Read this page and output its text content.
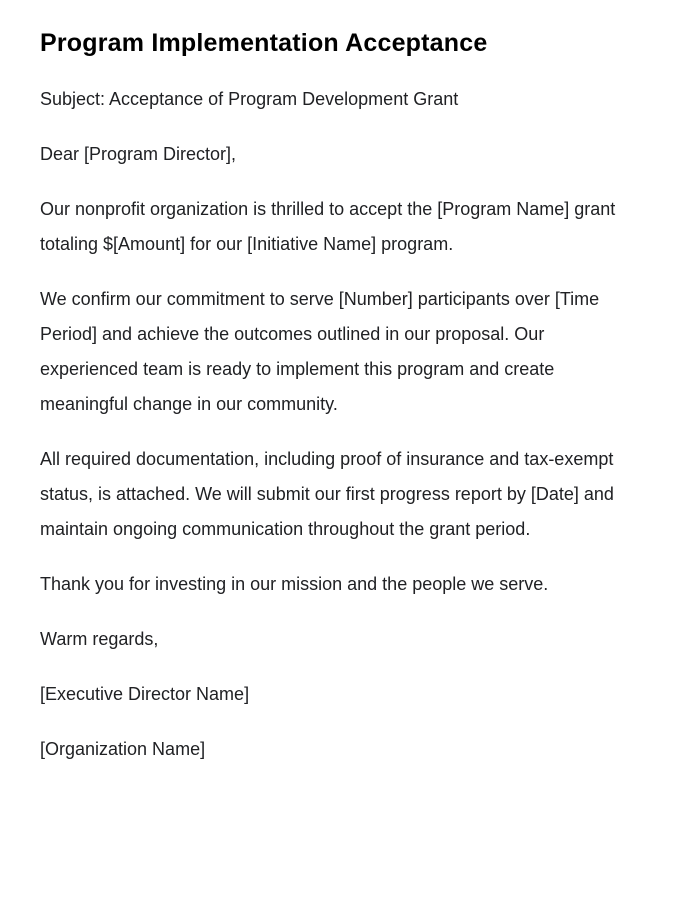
Program Implementation Acceptance

Subject: Acceptance of Program Development Grant

Dear [Program Director],

Our nonprofit organization is thrilled to accept the [Program Name] grant totaling $[Amount] for our [Initiative Name] program.

We confirm our commitment to serve [Number] participants over [Time Period] and achieve the outcomes outlined in our proposal. Our experienced team is ready to implement this program and create meaningful change in our community.

All required documentation, including proof of insurance and tax-exempt status, is attached. We will submit our first progress report by [Date] and maintain ongoing communication throughout the grant period.

Thank you for investing in our mission and the people we serve.

Warm regards,

[Executive Director Name]

[Organization Name]
